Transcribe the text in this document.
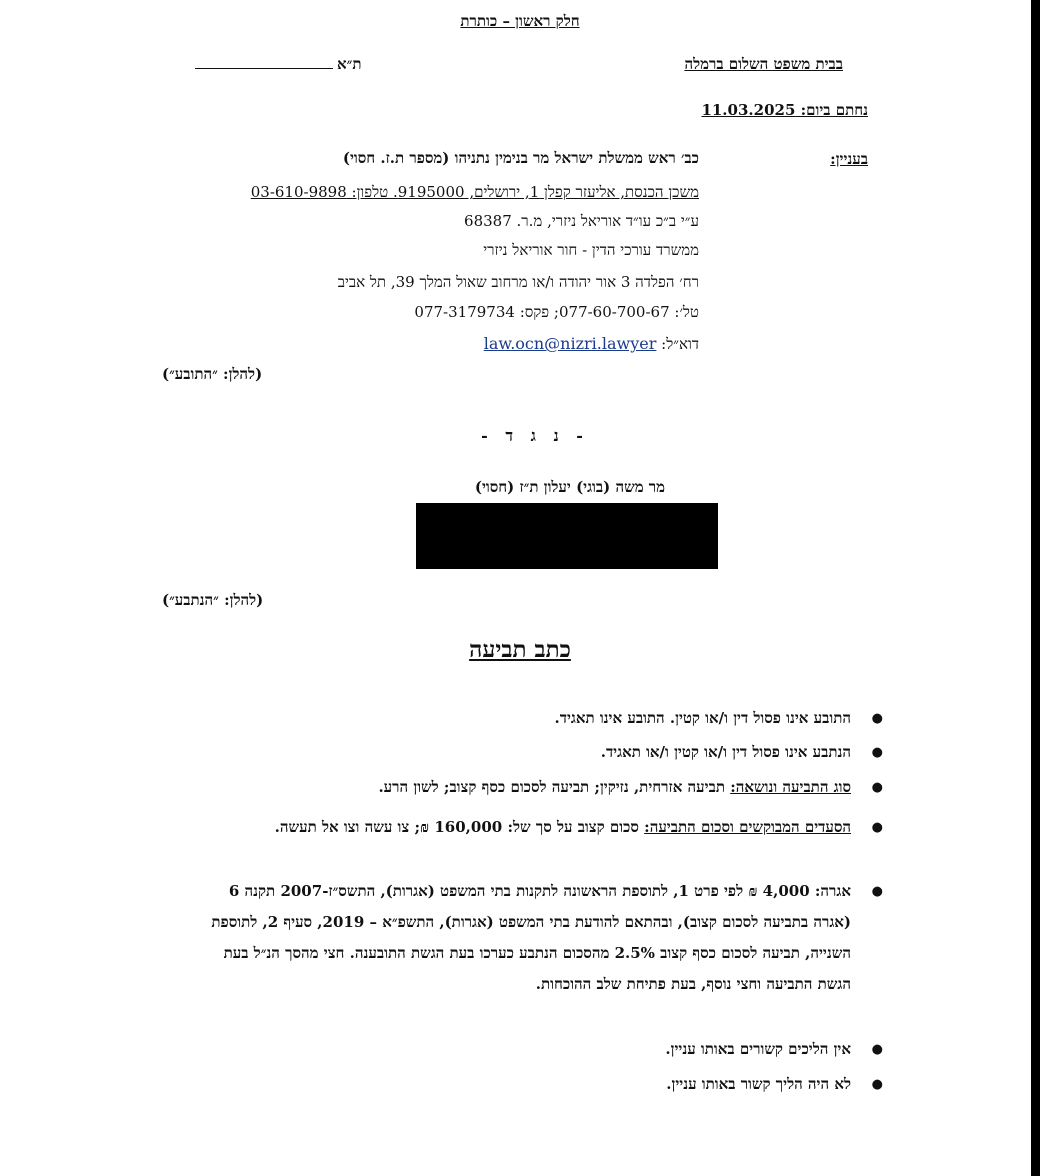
חלק ראשון – כותרת
בבית משפט השלום ברמלה
ת״א
נחתם ביום: 11.03.2025
בעניין:
כב׳ ראש ממשלת ישראל מר בנימין נתניהו (מספר ת.ז. חסוי)
משכן הכנסת, אליעזר קפלן 1, ירושלים, 9195000. טלפון: 03-610-9898
ע״י ב״כ עו״ד אוריאל ניזרי, מ.ר. 68387
ממשרד עורכי הדין - חור אוריאל ניזרי
רח׳ הפלדה 3 אור יהודה ו/או מרחוב שאול המלך 39, תל אביב
טל׳: 077-60-700-67; פקס: 077-3179734
דוא״ל: law.ocn@nizri.lawyer
(להלן: ״התובע״)
- נ ג ד -
מר משה (בוגי) יעלון ת״ז (חסוי)
(להלן: ״הנתבע״)
כתב תביעה
●
התובע אינו פסול דין ו/או קטין. התובע אינו תאגיד.
●
הנתבע אינו פסול דין ו/או קטין ו/או תאגיד.
●
סוג התביעה ונושאה: תביעה אזרחית, נזיקין; תביעה לסכום כסף קצוב; לשון הרע.
●
הסעדים המבוקשים וסכום התביעה: סכום קצוב על סך של: 160,000 ₪; צו עשה וצו אל תעשה.
●
אגרה: 4,000 ₪ לפי פרט 1, לתוספת הראשונה לתקנות בתי המשפט (אגרות), התשס״ז-2007 תקנה 6 (אגרה בתביעה לסכום קצוב), ובהתאם להודעת בתי המשפט (אגרות), התשפ״א – 2019, סעיף 2, לתוספת השנייה, תביעה לסכום כסף קצוב 2.5% מהסכום הנתבע כערכו בעת הגשת התובענה. חצי מהסך הנ״ל בעת הגשת התביעה וחצי נוסף, בעת פתיחת שלב ההוכחות.
●
אין הליכים קשורים באותו עניין.
●
לא היה הליך קשור באותו עניין.
